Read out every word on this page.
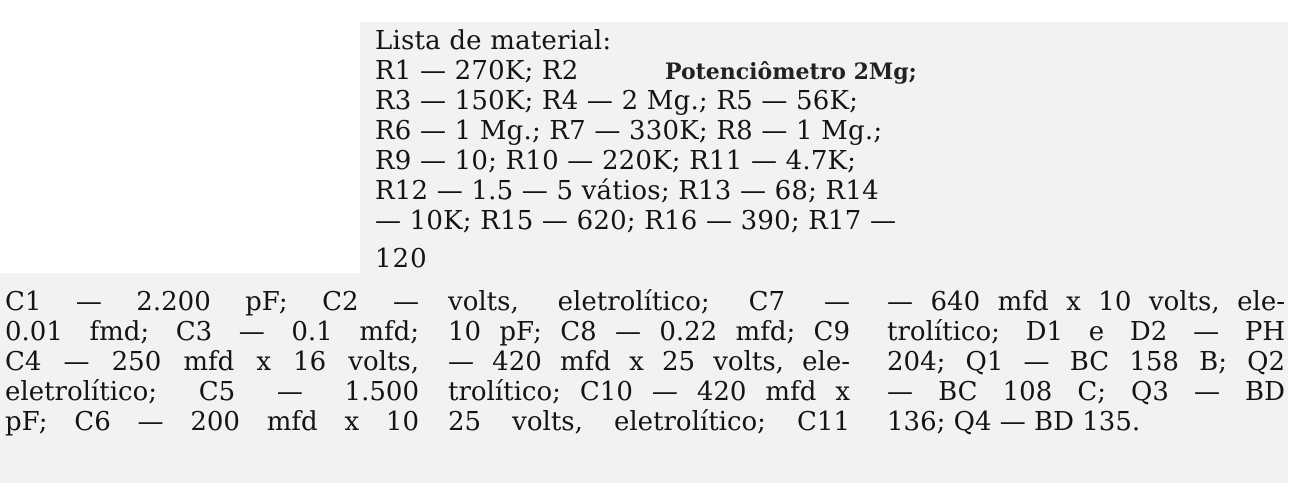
Lista de material:
R1 — 270K; R2	Potenciômetro 2Mg;
R3 — 150K; R4 — 2 Mg.; R5 — 56K;
R6 — 1 Mg.; R7 — 330K; R8 — 1 Mg.;
R9 — 10; R10 — 220K; R11 — 4.7K;
R12 — 1.5 — 5 vátios; R13 — 68; R14
— 10K; R15 — 620; R16 — 390; R17 —
120
C1 — 2.200 pF; C2 —
0.01 fmd; C3 — 0.1 mfd;
C4 — 250 mfd x 16 volts,
eletrolítico; C5 — 1.500
pF; C6 — 200 mfd x 10
volts, eletrolítico; C7 —
10 pF; C8 — 0.22 mfd; C9
— 420 mfd x 25 volts, ele-
trolítico; C10 — 420 mfd x
25 volts, eletrolítico; C11
— 640 mfd x 10 volts, ele-
trolítico; D1 e D2 — PH
204; Q1 — BC 158 B; Q2
— BC 108 C; Q3 — BD
136; Q4 — BD 135.
